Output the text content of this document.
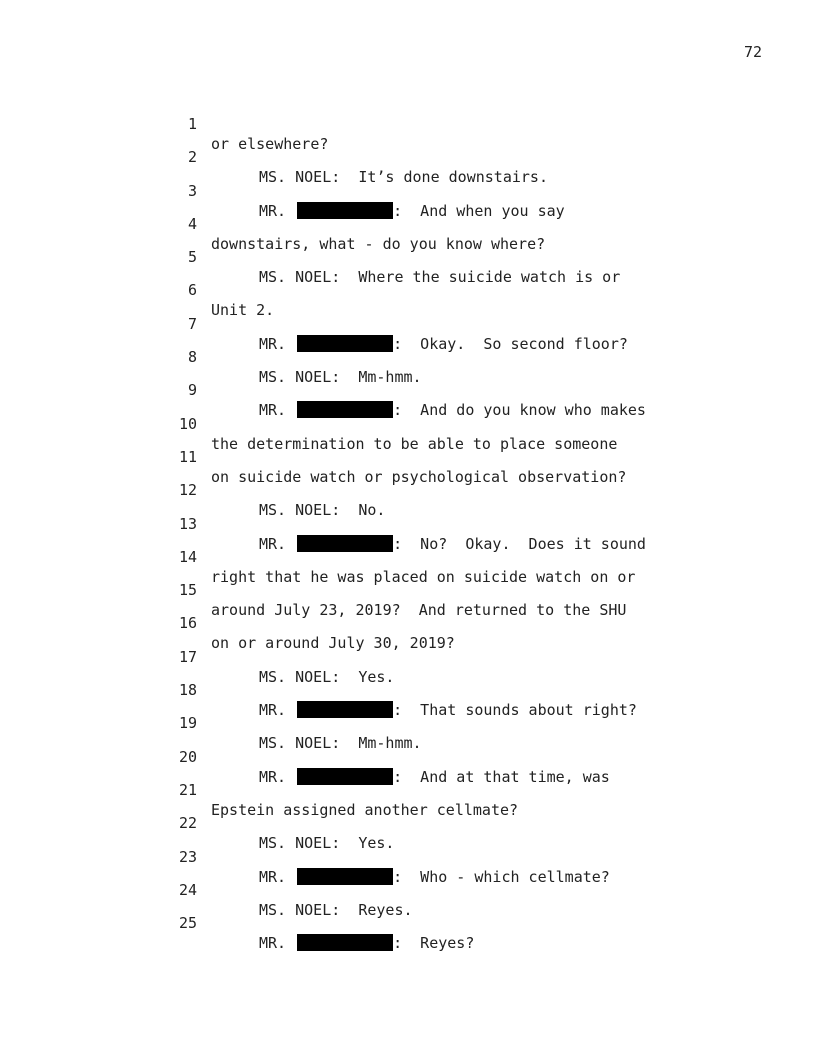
72

1

or elsewhere?

2

MS. NOEL:  It’s done downstairs.

3

MR.	:  And when you say

4

downstairs, what - do you know where?

5

MS. NOEL:  Where the suicide watch is or

6

Unit 2.

7

MR.	:  Okay.  So second floor?

8

MS. NOEL:  Mm-hmm.

9

MR.	:  And do you know who makes

10

the determination to be able to place someone

11

on suicide watch or psychological observation?

12

MS. NOEL:  No.

13

MR.	:  No?  Okay.  Does it sound

14

right that he was placed on suicide watch on or

15

around July 23, 2019?  And returned to the SHU

16

on or around July 30, 2019?

17

MS. NOEL:  Yes.

18

MR.	:  That sounds about right?

19

MS. NOEL:  Mm-hmm.

20

MR.	:  And at that time, was

21

Epstein assigned another cellmate?

22

MS. NOEL:  Yes.

23

MR.	:  Who - which cellmate?

24

MS. NOEL:  Reyes.

25

MR.	:  Reyes?
